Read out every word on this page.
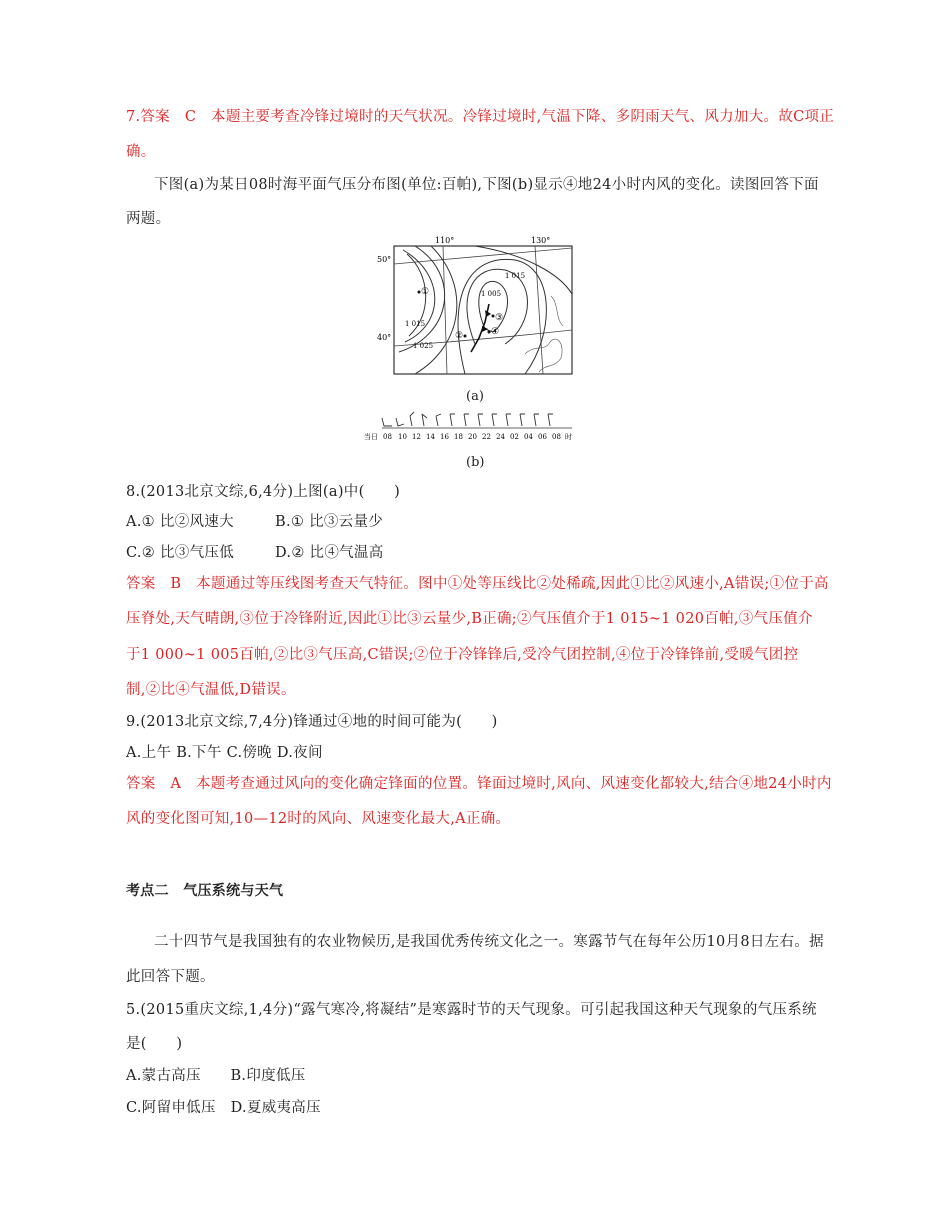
7.答案　C　本题主要考查冷锋过境时的天气状况。冷锋过境时,气温下降、多阴雨天气、风力加大。故C项正
确。
下图(a)为某日08时海平面气压分布图(单位:百帕),下图(b)显示④地24小时内风的变化。读图回答下面
两题。
110°	130°
50°
40°
1 015
1 005
1 015
1 025
①
②
③
④
(a)
当日 08 10 12 14 16 18 20 22 24 02 04 06 08 时
(b)
8.(2013北京文综,6,4分)上图(a)中(　　)
A.① 比②风速大	B.① 比③云量少
C.② 比③气压低	D.② 比④气温高
答案　B　本题通过等压线图考查天气特征。图中①处等压线比②处稀疏,因此①比②风速小,A错误;①位于高
压脊处,天气晴朗,③位于冷锋附近,因此①比③云量少,B正确;②气压值介于1 015~1 020百帕,③气压值介
于1 000~1 005百帕,②比③气压高,C错误;②位于冷锋锋后,受冷气团控制,④位于冷锋锋前,受暖气团控
制,②比④气温低,D错误。
9.(2013北京文综,7,4分)锋通过④地的时间可能为(　　)
A.上午 B.下午 C.傍晚 D.夜间
答案　A　本题考查通过风向的变化确定锋面的位置。锋面过境时,风向、风速变化都较大,结合④地24小时内
风的变化图可知,10—12时的风向、风速变化最大,A正确。
考点二　气压系统与天气
二十四节气是我国独有的农业物候历,是我国优秀传统文化之一。寒露节气在每年公历10月8日左右。据
此回答下题。
5.(2015重庆文综,1,4分)“露气寒冷,将凝结”是寒露时节的天气现象。可引起我国这种天气现象的气压系统
是(　　)
A.蒙古高压　　B.印度低压
C.阿留申低压　D.夏威夷高压
